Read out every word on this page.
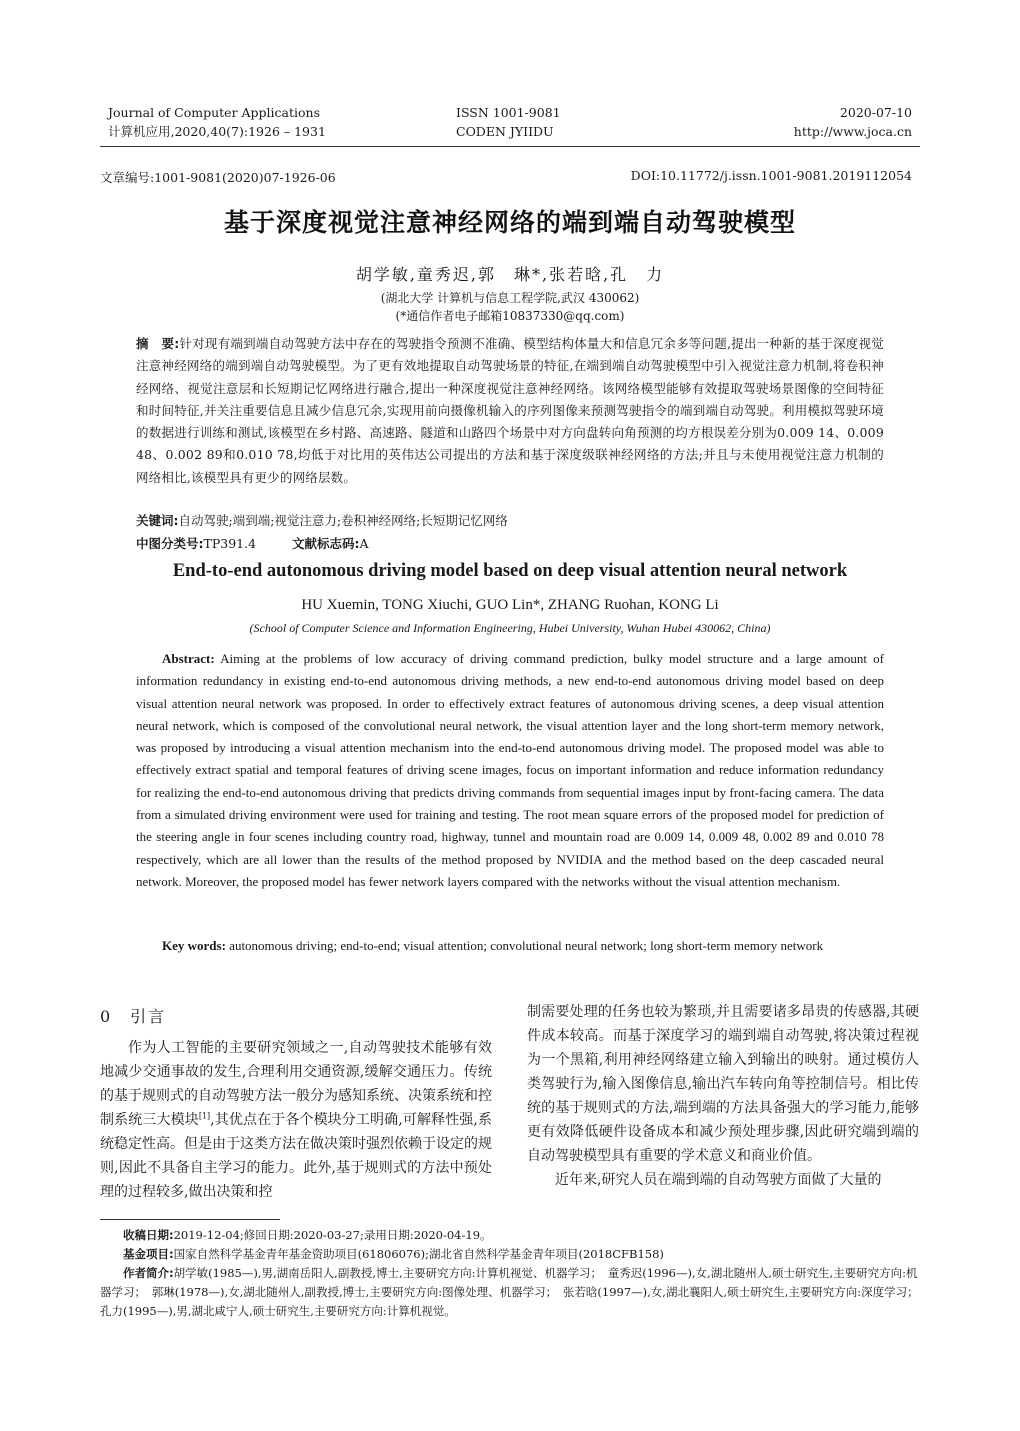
Journal of Computer Applications
计算机应用,2020,40(7):1926 – 1931
ISSN 1001-9081
CODEN JYIIDU
2020-07-10
http://www.joca.cn
文章编号:1001-9081(2020)07-1926-06	DOI:10.11772/j.issn.1001-9081.2019112054
基于深度视觉注意神经网络的端到端自动驾驶模型
胡学敏,童秀迟,郭　琳*,张若晗,孔　力
(湖北大学 计算机与信息工程学院,武汉 430062)
(*通信作者电子邮箱10837330@qq.com)
摘　要:针对现有端到端自动驾驶方法中存在的驾驶指令预测不准确、模型结构体量大和信息冗余多等问题,提出一种新的基于深度视觉注意神经网络的端到端自动驾驶模型。为了更有效地提取自动驾驶场景的特征,在端到端自动驾驶模型中引入视觉注意力机制,将卷积神经网络、视觉注意层和长短期记忆网络进行融合,提出一种深度视觉注意神经网络。该网络模型能够有效提取驾驶场景图像的空间特征和时间特征,并关注重要信息且减少信息冗余,实现用前向摄像机输入的序列图像来预测驾驶指令的端到端自动驾驶。利用模拟驾驶环境的数据进行训练和测试,该模型在乡村路、高速路、隧道和山路四个场景中对方向盘转向角预测的均方根误差分别为0.009 14、0.009 48、0.002 89和0.010 78,均低于对比用的英伟达公司提出的方法和基于深度级联神经网络的方法;并且与未使用视觉注意力机制的网络相比,该模型具有更少的网络层数。
关键词:自动驾驶;端到端;视觉注意力;卷积神经网络;长短期记忆网络
中图分类号:TP391.4	文献标志码:A
End-to-end autonomous driving model based on deep visual attention neural network
HU Xuemin, TONG Xiuchi, GUO Lin*, ZHANG Ruohan, KONG Li
(School of Computer Science and Information Engineering, Hubei University, Wuhan Hubei 430062, China)
Abstract: Aiming at the problems of low accuracy of driving command prediction, bulky model structure and a large amount of information redundancy in existing end-to-end autonomous driving methods, a new end-to-end autonomous driving model based on deep visual attention neural network was proposed. In order to effectively extract features of autonomous driving scenes, a deep visual attention neural network, which is composed of the convolutional neural network, the visual attention layer and the long short-term memory network, was proposed by introducing a visual attention mechanism into the end-to-end autonomous driving model. The proposed model was able to effectively extract spatial and temporal features of driving scene images, focus on important information and reduce information redundancy for realizing the end-to-end autonomous driving that predicts driving commands from sequential images input by front-facing camera. The data from a simulated driving environment were used for training and testing. The root mean square errors of the proposed model for prediction of the steering angle in four scenes including country road, highway, tunnel and mountain road are 0.009 14, 0.009 48, 0.002 89 and 0.010 78 respectively, which are all lower than the results of the method proposed by NVIDIA and the method based on the deep cascaded neural network. Moreover, the proposed model has fewer network layers compared with the networks without the visual attention mechanism.
Key words: autonomous driving; end-to-end; visual attention; convolutional neural network; long short-term memory network
0　引言

作为人工智能的主要研究领域之一,自动驾驶技术能够有效地减少交通事故的发生,合理利用交通资源,缓解交通压力。传统的基于规则式的自动驾驶方法一般分为感知系统、决策系统和控制系统三大模块[1],其优点在于各个模块分工明确,可解释性强,系统稳定性高。但是由于这类方法在做决策时强烈依赖于设定的规则,因此不具备自主学习的能力。此外,基于规则式的方法中预处理的过程较多,做出决策和控

制需要处理的任务也较为繁琐,并且需要诸多昂贵的传感器,其硬件成本较高。而基于深度学习的端到端自动驾驶,将决策过程视为一个黑箱,利用神经网络建立输入到输出的映射。通过模仿人类驾驶行为,输入图像信息,输出汽车转向角等控制信号。相比传统的基于规则式的方法,端到端的方法具备强大的学习能力,能够更有效降低硬件设备成本和减少预处理步骤,因此研究端到端的自动驾驶模型具有重要的学术意义和商业价值。

近年来,研究人员在端到端的自动驾驶方面做了大量的

收稿日期:2019-12-04;修回日期:2020-03-27;录用日期:2020-04-19。
基金项目:国家自然科学基金青年基金资助项目(61806076);湖北省自然科学基金青年项目(2018CFB158)
作者简介:胡学敏(1985—),男,湖南岳阳人,副教授,博士,主要研究方向:计算机视觉、机器学习；　童秀迟(1996—),女,湖北随州人,硕士研究生,主要研究方向:机器学习；　郭琳(1978—),女,湖北随州人,副教授,博士,主要研究方向:图像处理、机器学习；　张若晗(1997—),女,湖北襄阳人,硕士研究生,主要研究方向:深度学习；　孔力(1995—),男,湖北咸宁人,硕士研究生,主要研究方向:计算机视觉。
